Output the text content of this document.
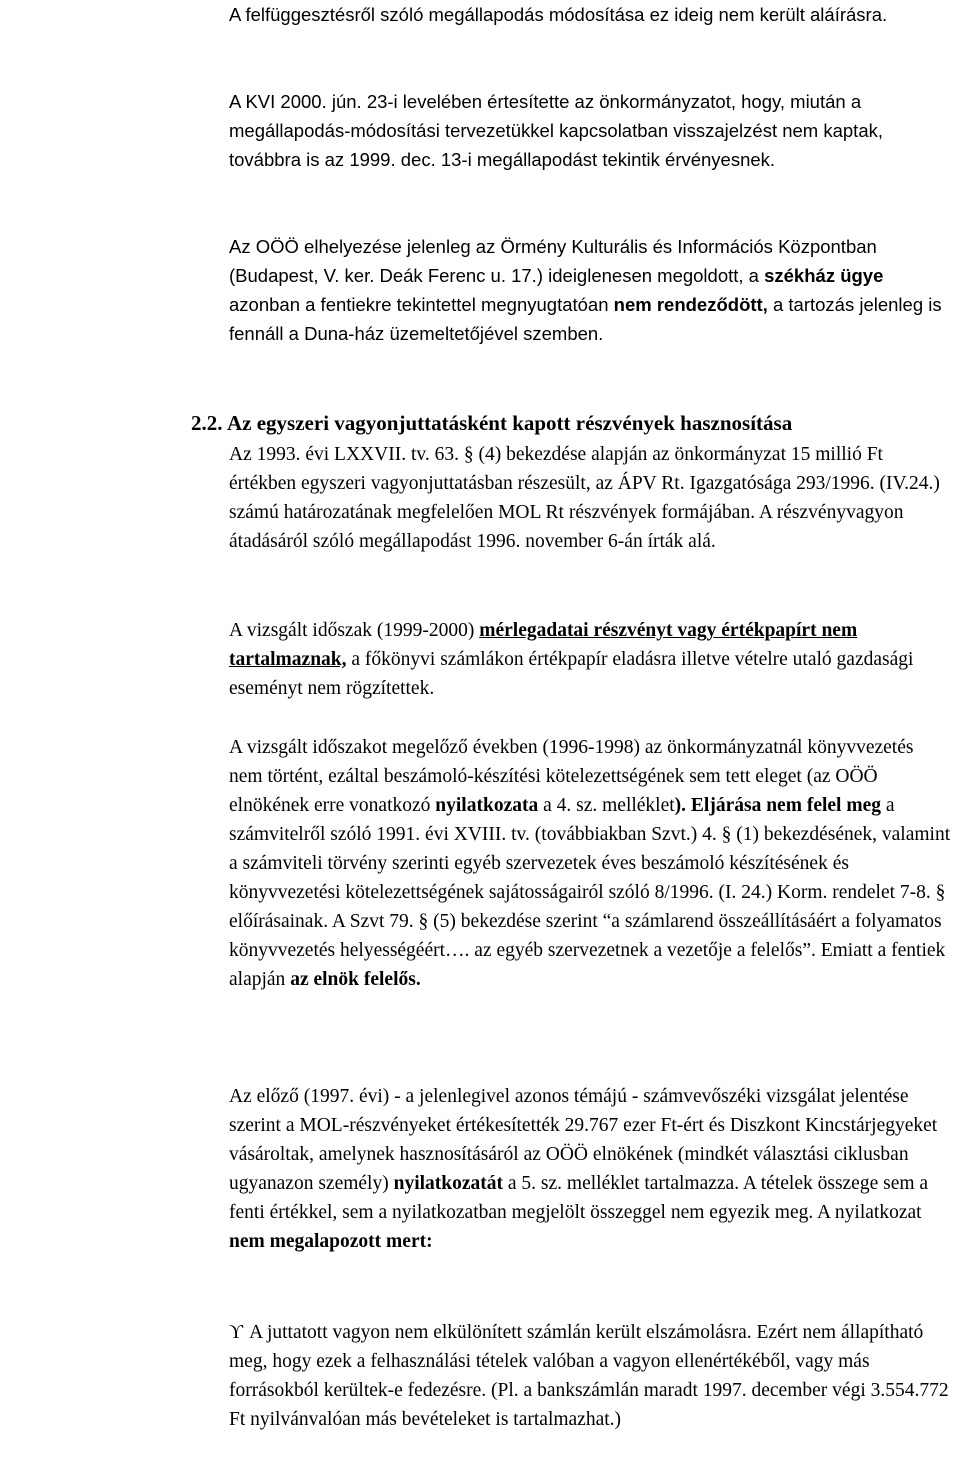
A felfüggesztésről szóló megállapodás módosítása ez ideig nem került aláírásra.
A KVI 2000. jún. 23-i levelében értesítette az önkormányzatot, hogy, miután a megállapodás-módosítási tervezetükkel kapcsolatban visszajelzést nem kaptak, továbbra is az 1999. dec. 13-i megállapodást tekintik érvényesnek.
Az OÖÖ elhelyezése jelenleg az Örmény Kulturális és Információs Központban (Budapest, V. ker. Deák Ferenc u. 17.) ideiglenesen megoldott, a székház ügye azonban a fentiekre tekintettel megnyugtatóan nem rendeződött, a tartozás jelenleg is fennáll a Duna-ház üzemeltetőjével szemben.
2.2. Az egyszeri vagyonjuttatásként kapott részvények hasznosítása
Az 1993. évi LXXVII. tv. 63. § (4) bekezdése alapján az önkormányzat 15 millió Ft értékben egyszeri vagyonjuttatásban részesült, az ÁPV Rt. Igazgatósága 293/1996. (IV.24.) számú határozatának megfelelően MOL Rt részvények formájában. A részvényvagyon átadásáról szóló megállapodást 1996. november 6-án írták alá.
A vizsgált időszak (1999-2000) mérlegadatai részvényt vagy értékpapírt nem tartalmaznak, a főkönyvi számlákon értékpapír eladásra illetve vételre utaló gazdasági eseményt nem rögzítettek.
A vizsgált időszakot megelőző években (1996-1998) az önkormányzatnál könyvvezetés nem történt, ezáltal beszámoló-készítési kötelezettségének sem tett eleget (az OÖÖ elnökének erre vonatkozó nyilatkozata a 4. sz. melléklet). Eljárása nem felel meg a számvitelről szóló 1991. évi XVIII. tv. (továbbiakban Szvt.) 4. § (1) bekezdésének, valamint a számviteli törvény szerinti egyéb szervezetek éves beszámoló készítésének és könyvvezetési kötelezettségének sajátosságairól szóló 8/1996. (I. 24.) Korm. rendelet 7-8. § előírásainak. A Szvt 79. § (5) bekezdése szerint “a számlarend összeállításáért a folyamatos könyvvezetés helyességéért…. az egyéb szervezetnek a vezetője a felelős”. Emiatt a fentiek alapján az elnök felelős.
Az előző (1997. évi) - a jelenlegivel azonos témájú - számvevőszéki vizsgálat jelentése szerint a MOL-részvényeket értékesítették 29.767 ezer Ft-ért és Diszkont Kincstárjegyeket vásároltak, amelynek hasznosításáról az OÖÖ elnökének (mindkét választási ciklusban ugyanazon személy) nyilatkozatát a 5. sz. melléklet tartalmazza. A tételek összege sem a fenti értékkel, sem a nyilatkozatban megjelölt összeggel nem egyezik meg. A nyilatkozat nem megalapozott mert:
ϒ A juttatott vagyon nem elkülönített számlán került elszámolásra. Ezért nem állapítható meg, hogy ezek a felhasználási tételek valóban a vagyon ellenértékéből, vagy más forrásokból kerültek-e fedezésre. (Pl. a bankszámlán maradt 1997. december végi 3.554.772 Ft nyilvánvalóan más bevételeket is tartalmazhat.)
